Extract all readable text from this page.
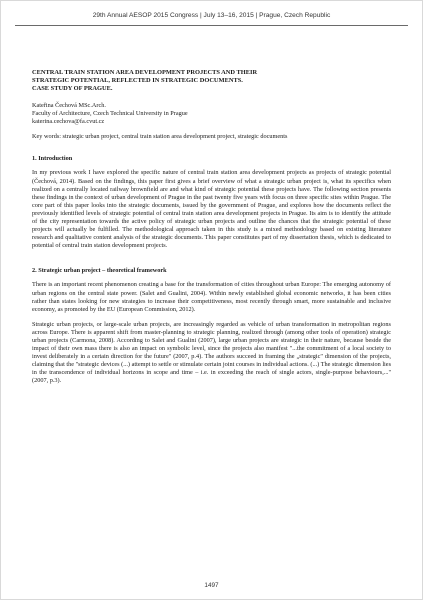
29th Annual AESOP 2015 Congress | July 13–16, 2015 | Prague, Czech Republic
CENTRAL TRAIN STATION AREA DEVELOPMENT PROJECTS AND THEIR
STRATEGIC POTENTIAL, REFLECTED IN STRATEGIC DOCUMENTS.
CASE STUDY OF PRAGUE.
Kateřina Čechová MSc.Arch.
Faculty of Architecture, Czech Technical University in Prague
katerina.cechova@fa.cvut.cz
Key words: strategic urban project, central train station area development project, strategic documents
1. Introduction

In my previous work I have explored the specific nature of central train station area development projects as projects of strategic potential (Čechová, 2014). Based on the findings, this paper first gives a brief overview of what a strategic urban project is, what its specifics when realized on a centrally located railway brownfield are and what kind of strategic potential these projects have. The following section presents these findings in the context of urban development of Prague in the past twenty five years with focus on three specific sites within Prague. The core part of this paper looks into the strategic documents, issued by the government of Prague, and explores how the documents reflect the previously identified levels of strategic potential of central train station area development projects in Prague. Its aim is to identify the attitude of the city representation towards the active policy of strategic urban projects and outline the chances that the strategic potential of these projects will actually be fulfilled. The methodological approach taken in this study is a mixed methodology based on existing literature research and qualitative content analysis of the strategic documents. This paper constitutes part of my dissertation thesis, which is dedicated to potential of central train station development projects.

2. Strategic urban project – theoretical framework

There is an important recent phenomenon creating a base for the transformation of cities throughout urban Europe: The emerging autonomy of urban regions on the central state power. (Salet and Gualini, 2004). Within newly established global economic networks, it has been cities rather than states looking for new strategies to increase their competitiveness, most recently through smart, more sustainable and inclusive economy, as promoted by the EU (European Commission, 2012).

Strategic urban projects, or large-scale urban projects, are increasingly regarded as vehicle of urban transformation in metropolitan regions across Europe. There is apparent shift from master-planning to strategic planning, realized through (among other tools of operation) strategic urban projects (Carmona, 2008). According to Salet and Gualini (2007), large urban projects are strategic in their nature, because beside the impact of their own mass there is also an impact on symbolic level, since the projects also manifest "...the commitment of a local society to invest deliberately in a certain direction for the future" (2007, p.4). The authors succeed in framing the „strategic" dimension of the projects, claiming that the "strategic devices (...) attempt to settle or stimulate certain joint courses in individual actions. (...) The strategic dimension lies in the transcendence of individual horizons in scope and time – i.e. in exceeding the reach of single actors, single-purpose behaviours,..." (2007, p.3).

1497
